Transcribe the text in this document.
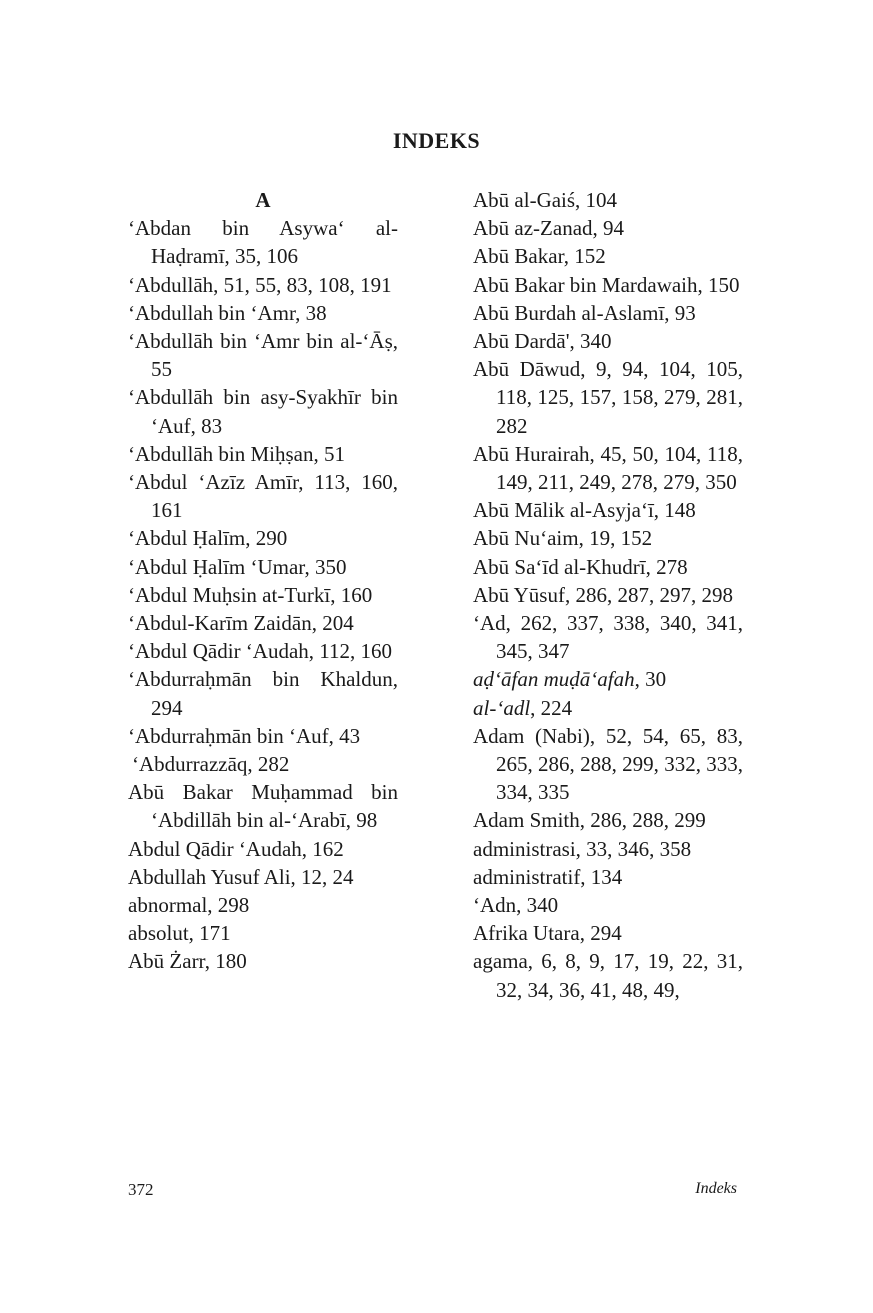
INDEKS
A
‘Abdan bin Asywa‘ al-Haḍramī, 35, 106
‘Abdullāh, 51, 55, 83, 108, 191
‘Abdullah bin ‘Amr, 38
‘Abdullāh bin ‘Amr bin al-‘Āṣ, 55
‘Abdullāh bin asy-Syakhīr bin ‘Auf, 83
‘Abdullāh bin Miḥṣan, 51
‘Abdul ‘Azīz Amīr, 113, 160, 161
‘Abdul Ḥalīm, 290
‘Abdul Ḥalīm ‘Umar, 350
‘Abdul Muḥsin at-Turkī, 160
‘Abdul-Karīm Zaidān, 204
‘Abdul Qādir ‘Audah, 112, 160
‘Abdurraḥmān bin Khaldun, 294
‘Abdurraḥmān bin ‘Auf, 43
‘Abdurrazzāq, 282
Abū Bakar Muḥammad bin ‘Abdillāh bin al-‘Arabī, 98
Abdul Qādir ‘Audah, 162
Abdullah Yusuf Ali, 12, 24
abnormal, 298
absolut, 171
Abū Żarr, 180
Abū al-Gaiś, 104
Abū az-Zanad, 94
Abū Bakar, 152
Abū Bakar bin Mardawaih, 150
Abū Burdah al-Aslamī, 93
Abū Dardā', 340
Abū Dāwud, 9, 94, 104, 105, 118, 125, 157, 158, 279, 281, 282
Abū Hurairah, 45, 50, 104, 118, 149, 211, 249, 278, 279, 350
Abū Mālik al-Asyja‘ī, 148
Abū Nu‘aim, 19, 152
Abū Sa‘īd al-Khudrī, 278
Abū Yūsuf, 286, 287, 297, 298
‘Ad, 262, 337, 338, 340, 341, 345, 347
aḍ‘āfan muḍā‘afah, 30
al-‘adl, 224
Adam (Nabi), 52, 54, 65, 83, 265, 286, 288, 299, 332, 333, 334, 335
Adam Smith, 286, 288, 299
administrasi, 33, 346, 358
administratif, 134
‘Adn, 340
Afrika Utara, 294
agama, 6, 8, 9, 17, 19, 22, 31, 32, 34, 36, 41, 48, 49,
372	Indeks
